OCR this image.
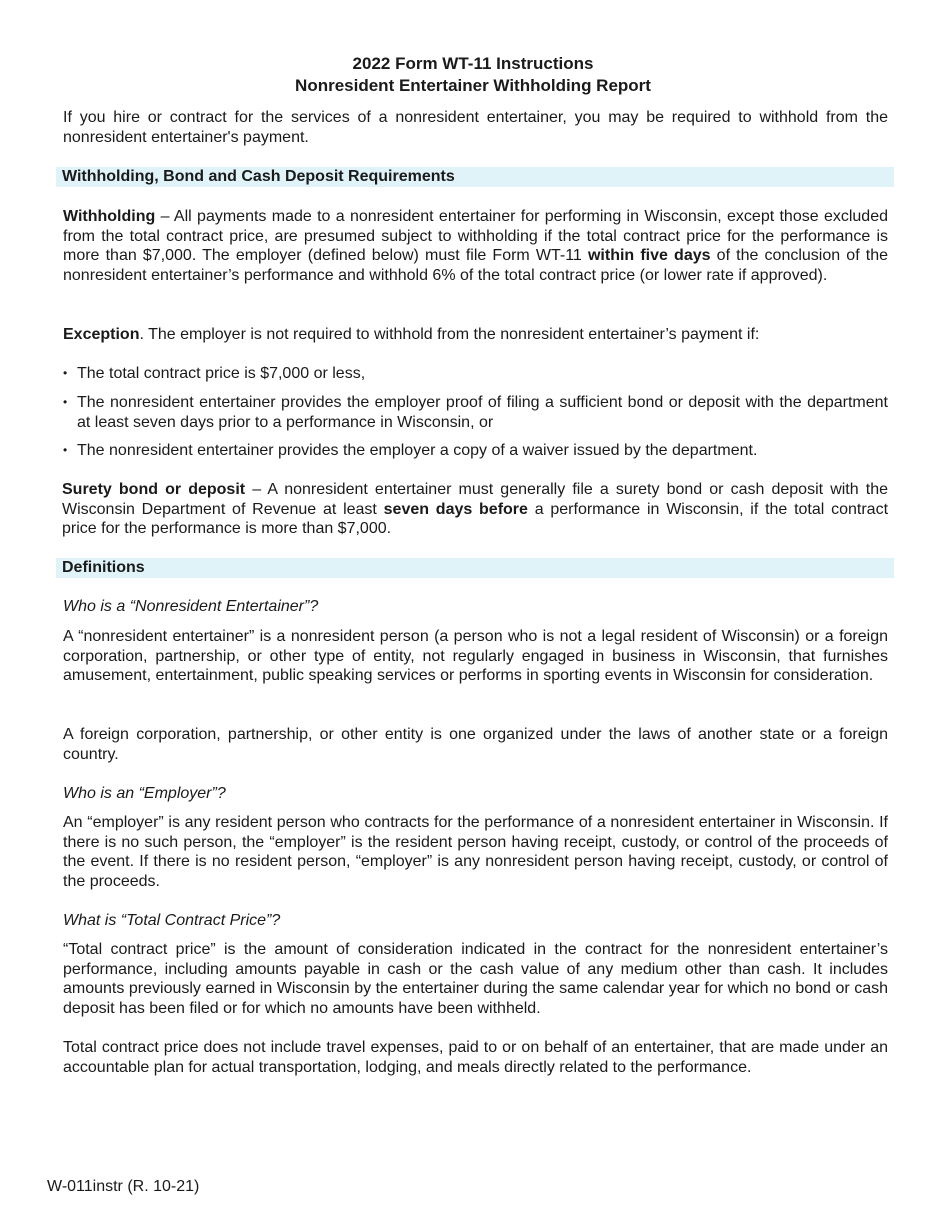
2022 Form WT-11 Instructions

Nonresident Entertainer Withholding Report

If you hire or contract for the services of a nonresident entertainer, you may be required to withhold from the nonresident entertainer's payment.

Withholding, Bond and Cash Deposit Requirements

Withholding – All payments made to a nonresident entertainer for performing in Wisconsin, except those excluded from the total contract price, are presumed subject to withholding if the total contract price for the performance is more than $7,000. The employer (defined below) must file Form WT-11 within five days of the conclusion of the nonresident entertainer’s performance and withhold 6% of the total contract price (or lower rate if approved).

Exception. The employer is not required to withhold from the nonresident entertainer’s payment if:

• The total contract price is $7,000 or less,
• The nonresident entertainer provides the employer proof of filing a sufficient bond or deposit with the department at least seven days prior to a performance in Wisconsin, or
• The nonresident entertainer provides the employer a copy of a waiver issued by the department.

Surety bond or deposit – A nonresident entertainer must generally file a surety bond or cash deposit with the Wisconsin Department of Revenue at least seven days before a performance in Wisconsin, if the total contract price for the performance is more than $7,000.

Definitions

Who is a “Nonresident Entertainer”?

A “nonresident entertainer” is a nonresident person (a person who is not a legal resident of Wisconsin) or a foreign corporation, partnership, or other type of entity, not regularly engaged in business in Wisconsin, that furnishes amusement, entertainment, public speaking services or performs in sporting events in Wisconsin for consideration.

A foreign corporation, partnership, or other entity is one organized under the laws of another state or a foreign country.

Who is an “Employer”?

An “employer” is any resident person who contracts for the performance of a nonresident entertainer in Wisconsin. If there is no such person, the “employer” is the resident person having receipt, custody, or control of the proceeds of the event. If there is no resident person, “employer” is any nonresident person having receipt, custody, or control of the proceeds.

What is “Total Contract Price”?

“Total contract price” is the amount of consideration indicated in the contract for the nonresident entertainer’s performance, including amounts payable in cash or the cash value of any medium other than cash. It includes amounts previously earned in Wisconsin by the entertainer during the same calendar year for which no bond or cash deposit has been filed or for which no amounts have been withheld.

Total contract price does not include travel expenses, paid to or on behalf of an entertainer, that are made under an accountable plan for actual transportation, lodging, and meals directly related to the performance.

W-011instr (R. 10-21)
